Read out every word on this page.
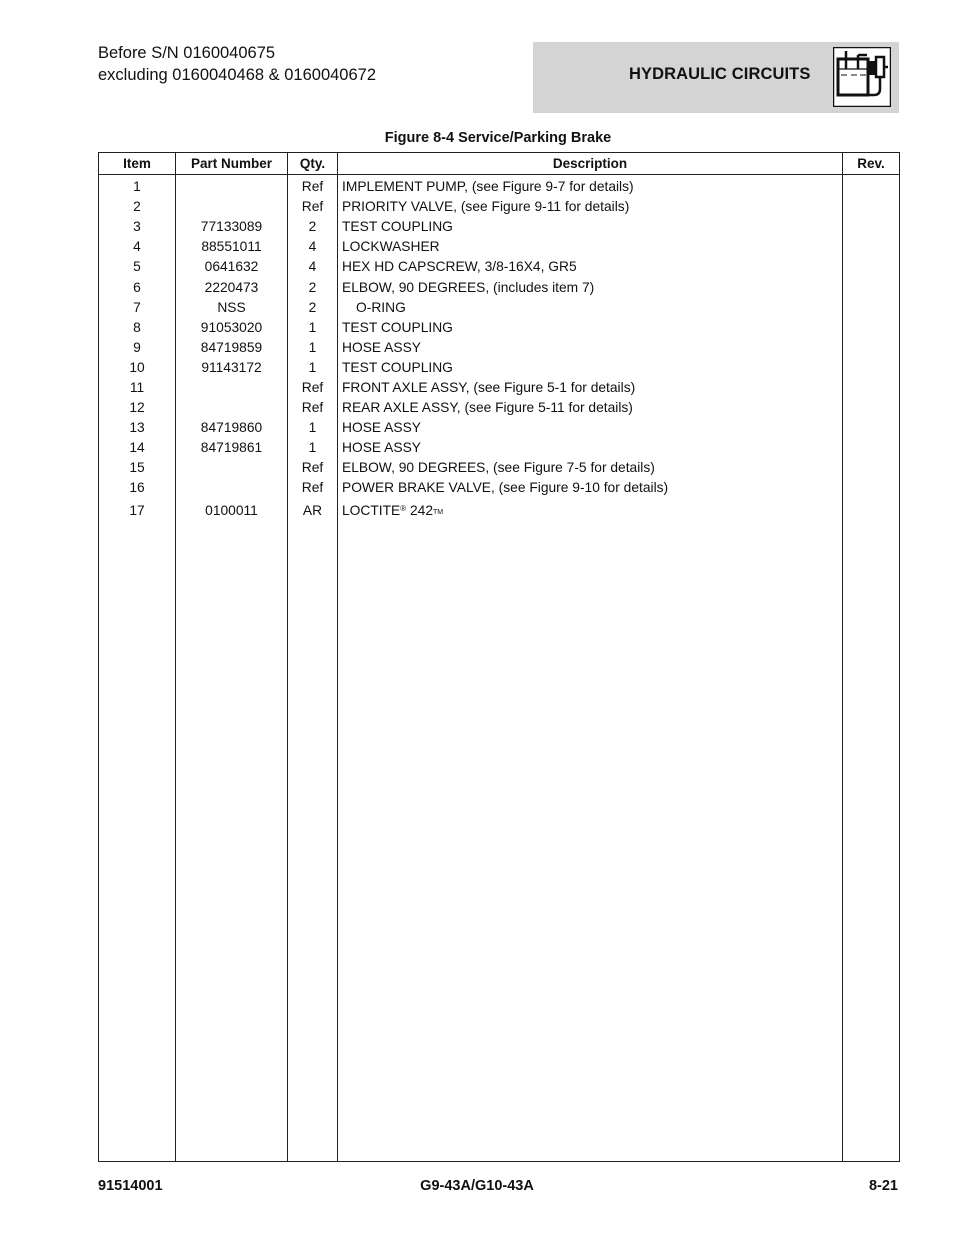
Before S/N 0160040675
excluding 0160040468 & 0160040672	HYDRAULIC CIRCUITS
Figure 8-4 Service/Parking Brake
Item	Part Number	Qty.	Description	Rev.
1		Ref	IMPLEMENT PUMP, (see Figure 9-7 for details)	
2		Ref	PRIORITY VALVE, (see Figure 9-11 for details)	
3	77133089	2	TEST COUPLING	
4	88551011	4	LOCKWASHER	
5	0641632	4	HEX HD CAPSCREW, 3/8-16X4, GR5	
6	2220473	2	ELBOW, 90 DEGREES, (includes item 7)	
7	NSS	2	O-RING	
8	91053020	1	TEST COUPLING	
9	84719859	1	HOSE ASSY	
10	91143172	1	TEST COUPLING	
11		Ref	FRONT AXLE ASSY, (see Figure 5-1 for details)	
12		Ref	REAR AXLE ASSY, (see Figure 5-11 for details)	
13	84719860	1	HOSE ASSY	
14	84719861	1	HOSE ASSY	
15		Ref	ELBOW, 90 DEGREES, (see Figure 7-5 for details)	
16		Ref	POWER BRAKE VALVE, (see Figure 9-10 for details)	
17	0100011	AR	LOCTITE® 242™	

91514001	G9-43A/G10-43A	8-21
